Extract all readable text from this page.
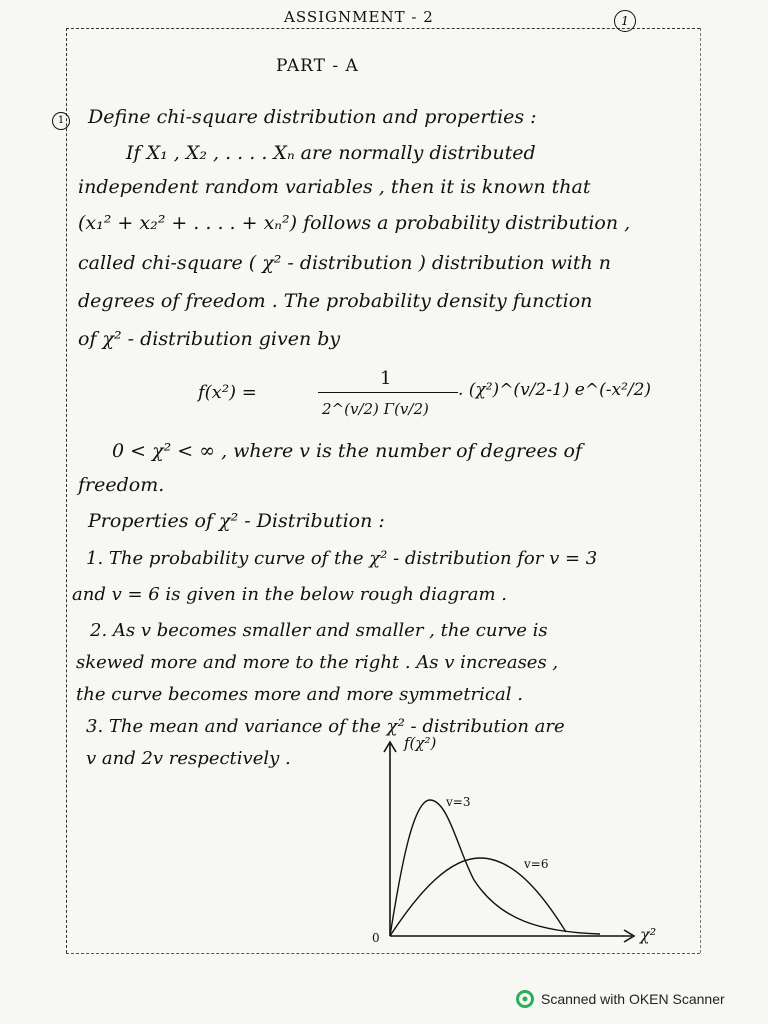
ASSIGNMENT - 2	1
PART - A
1	Define chi-square distribution and properties :
If X₁ , X₂ , . . . . Xₙ are normally distributed
independent random variables , then it is known that
(x₁² + x₂² + . . . . + xₙ²) follows a probability distribution ,
called chi-square ( χ² - distribution ) distribution with n
degrees of freedom . The probability density function
of χ² - distribution given by
f(x²) =
1
2^(v/2) Γ(v/2)
. (χ²)^(v/2-1) e^(-x²/2)
0 < χ² < ∞ , where v is the number of degrees of
freedom.
Properties of χ² - Distribution :
1. The probability curve of the χ² - distribution for v = 3
and v = 6 is given in the below rough diagram .
2. As v becomes smaller and smaller , the curve is
skewed more and more to the right . As v increases ,
the curve becomes more and more symmetrical .
3. The mean and variance of the χ² - distribution are
v and 2v respectively .
f(χ²)
χ²
0
v=3
v=6
Scanned with OKEN Scanner
